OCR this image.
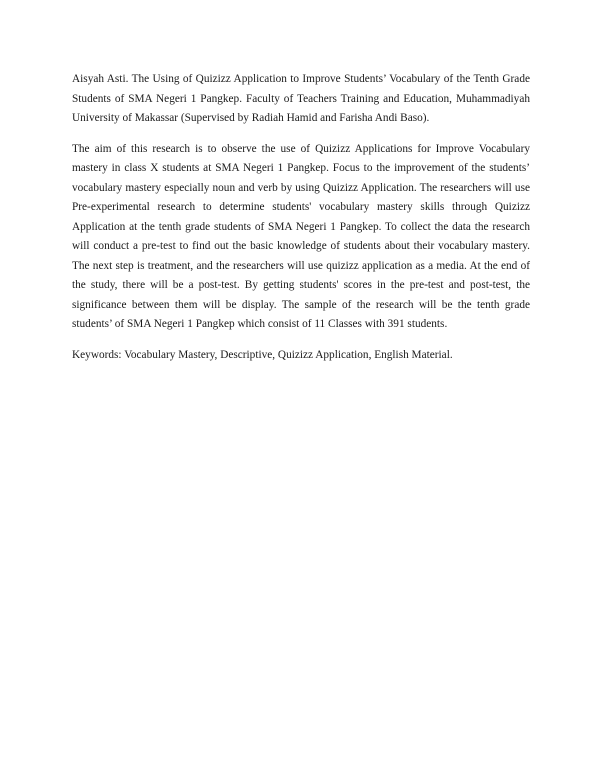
Aisyah Asti. The Using of Quizizz Application to Improve Students’ Vocabulary of the Tenth Grade Students of SMA Negeri 1 Pangkep. Faculty of Teachers Training and Education, Muhammadiyah University of Makassar (Supervised by Radiah Hamid and Farisha Andi Baso).

The aim of this research is to observe the use of Quizizz Applications for Improve Vocabulary mastery in class X students at SMA Negeri 1 Pangkep. Focus to the improvement of the students’ vocabulary mastery especially noun and verb by using Quizizz Application. The researchers will use Pre-experimental research to determine students' vocabulary mastery skills through Quizizz Application at the tenth grade students of SMA Negeri 1 Pangkep. To collect the data the research will conduct a pre-test to find out the basic knowledge of students about their vocabulary mastery. The next step is treatment, and the researchers will use quizizz application as a media. At the end of the study, there will be a post-test. By getting students' scores in the pre-test and post-test, the significance between them will be display. The sample of the research will be the tenth grade students’ of SMA Negeri 1 Pangkep which consist of 11 Classes with 391 students.

Keywords: Vocabulary Mastery, Descriptive, Quizizz Application, English Material.
